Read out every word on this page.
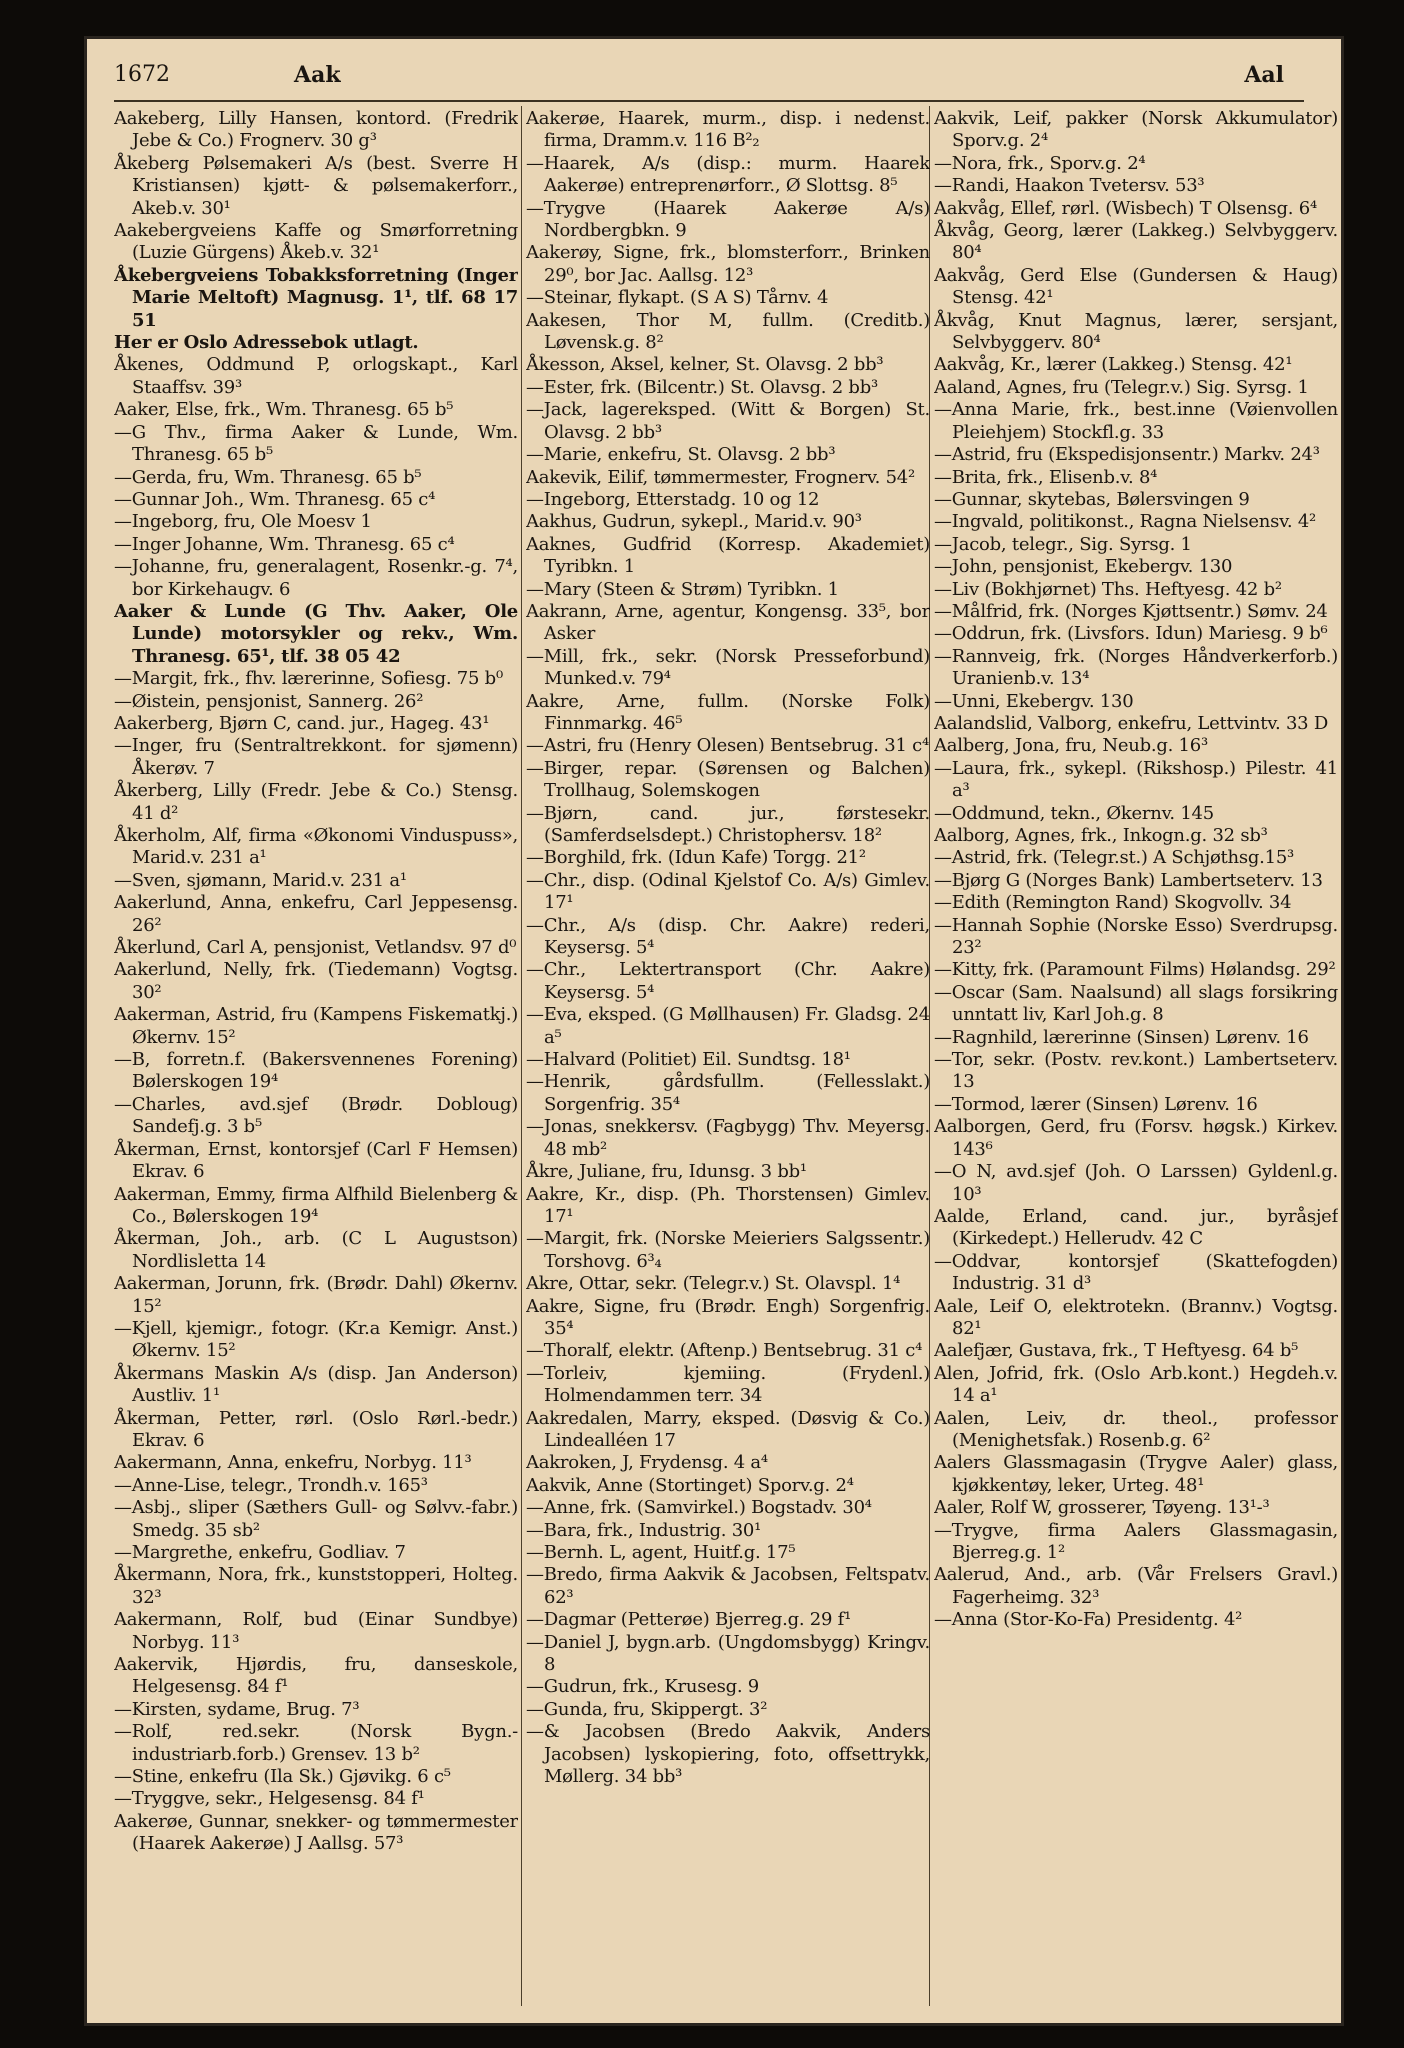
1672	Aak	Aal

Aakeberg, Lilly Hansen, kontord. (Fredrik Jebe & Co.) Frognerv. 30 g³

Åkeberg Pølsemakeri A/s (best. Sverre H Kristiansen) kjøtt- & pølsemakerforr., Akeb.v. 30¹

Aakebergveiens Kaffe og Smørforretning (Luzie Gürgens) Åkeb.v. 32¹

Åkebergveiens Tobakksforretning (Inger Marie Meltoft) Magnusg. 1¹, tlf. 68 17 51

Her er Oslo Adressebok utlagt.

Åkenes, Oddmund P, orlogskapt., Karl Staaffsv. 39³

Aaker, Else, frk., Wm. Thranesg. 65 b⁵

—G Thv., firma Aaker & Lunde, Wm. Thranesg. 65 b⁵

—Gerda, fru, Wm. Thranesg. 65 b⁵

—Gunnar Joh., Wm. Thranesg. 65 c⁴

—Ingeborg, fru, Ole Moesv 1

—Inger Johanne, Wm. Thranesg. 65 c⁴

—Johanne, fru, generalagent, Rosenkr.-g. 7⁴, bor Kirkehaugv. 6

Aaker & Lunde (G Thv. Aaker, Ole Lunde) motorsykler og rekv., Wm. Thranesg. 65¹, tlf. 38 05 42

—Margit, frk., fhv. lærerinne, Sofiesg. 75 b⁰

—Øistein, pensjonist, Sannerg. 26²

Aakerberg, Bjørn C, cand. jur., Hageg. 43¹

—Inger, fru (Sentraltrekkont. for sjømenn) Åkerøv. 7

Åkerberg, Lilly (Fredr. Jebe & Co.) Stensg. 41 d²

Åkerholm, Alf, firma «Økonomi Vinduspuss», Marid.v. 231 a¹

—Sven, sjømann, Marid.v. 231 a¹

Aakerlund, Anna, enkefru, Carl Jeppesensg. 26²

Åkerlund, Carl A, pensjonist, Vetlandsv. 97 d⁰

Aakerlund, Nelly, frk. (Tiedemann) Vogtsg. 30²

Aakerman, Astrid, fru (Kampens Fiskematkj.) Økernv. 15²

—B, forretn.f. (Bakersvennenes Forening) Bølerskogen 19⁴

—Charles, avd.sjef (Brødr. Dobloug) Sandefj.g. 3 b⁵

Åkerman, Ernst, kontorsjef (Carl F Hemsen) Ekrav. 6

Aakerman, Emmy, firma Alfhild Bielenberg & Co., Bølerskogen 19⁴

Åkerman, Joh., arb. (C L Augustson) Nordlisletta 14

Aakerman, Jorunn, frk. (Brødr. Dahl) Økernv. 15²

—Kjell, kjemigr., fotogr. (Kr.a Kemigr. Anst.) Økernv. 15²

Åkermans Maskin A/s (disp. Jan Anderson) Austliv. 1¹

Åkerman, Petter, rørl. (Oslo Rørl.-bedr.) Ekrav. 6

Aakermann, Anna, enkefru, Norbyg. 11³

—Anne-Lise, telegr., Trondh.v. 165³

—Asbj., sliper (Sæthers Gull- og Sølvv.-fabr.) Smedg. 35 sb²

—Margrethe, enkefru, Godliav. 7

Åkermann, Nora, frk., kunststopperi, Holteg. 32³

Aakermann, Rolf, bud (Einar Sundbye) Norbyg. 11³

Aakervik, Hjørdis, fru, danseskole, Helgesensg. 84 f¹

—Kirsten, sydame, Brug. 7³

—Rolf, red.sekr. (Norsk Bygn.-industriarb.forb.) Grensev. 13 b²

—Stine, enkefru (Ila Sk.) Gjøvikg. 6 c⁵

—Tryggve, sekr., Helgesensg. 84 f¹

Aakerøe, Gunnar, snekker- og tømmermester (Haarek Aakerøe) J Aallsg. 57³

Aakerøe, Haarek, murm., disp. i nedenst. firma, Dramm.v. 116 B²₂

—Haarek, A/s (disp.: murm. Haarek Aakerøe) entreprenørforr., Ø Slottsg. 8⁵

—Trygve (Haarek Aakerøe A/s) Nordbergbkn. 9

Aakerøy, Signe, frk., blomsterforr., Brinken 29⁰, bor Jac. Aallsg. 12³

—Steinar, flykapt. (S A S) Tårnv. 4

Aakesen, Thor M, fullm. (Creditb.) Løvensk.g. 8²

Åkesson, Aksel, kelner, St. Olavsg. 2 bb³

—Ester, frk. (Bilcentr.) St. Olavsg. 2 bb³

—Jack, lagereksped. (Witt & Borgen) St. Olavsg. 2 bb³

—Marie, enkefru, St. Olavsg. 2 bb³

Aakevik, Eilif, tømmermester, Frognerv. 54²

—Ingeborg, Etterstadg. 10 og 12

Aakhus, Gudrun, sykepl., Marid.v. 90³

Aaknes, Gudfrid (Korresp. Akademiet) Tyribkn. 1

—Mary (Steen & Strøm) Tyribkn. 1

Aakrann, Arne, agentur, Kongensg. 33⁵, bor Asker

—Mill, frk., sekr. (Norsk Presseforbund) Munked.v. 79⁴

Aakre, Arne, fullm. (Norske Folk) Finnmarkg. 46⁵

—Astri, fru (Henry Olesen) Bentsebrug. 31 c⁴

—Birger, repar. (Sørensen og Balchen) Trollhaug, Solemskogen

—Bjørn, cand. jur., førstesekr. (Samferdselsdept.) Christophersv. 18²

—Borghild, frk. (Idun Kafe) Torgg. 21²

—Chr., disp. (Odinal Kjelstof Co. A/s) Gimlev. 17¹

—Chr., A/s (disp. Chr. Aakre) rederi, Keysersg. 5⁴

—Chr., Lektertransport (Chr. Aakre) Keysersg. 5⁴

—Eva, eksped. (G Møllhausen) Fr. Gladsg. 24 a⁵

—Halvard (Politiet) Eil. Sundtsg. 18¹

—Henrik, gårdsfullm. (Fellesslakt.) Sorgenfrig. 35⁴

—Jonas, snekkersv. (Fagbygg) Thv. Meyersg. 48 mb²

Åkre, Juliane, fru, Idunsg. 3 bb¹

Aakre, Kr., disp. (Ph. Thorstensen) Gimlev. 17¹

—Margit, frk. (Norske Meieriers Salgssentr.) Torshovg. 6³₄

Akre, Ottar, sekr. (Telegr.v.) St. Olavspl. 1⁴

Aakre, Signe, fru (Brødr. Engh) Sorgenfrig. 35⁴

—Thoralf, elektr. (Aftenp.) Bentsebrug. 31 c⁴

—Torleiv, kjemiing. (Frydenl.) Holmendammen terr. 34

Aakredalen, Marry, eksped. (Døsvig & Co.) Lindealléen 17

Aakroken, J, Frydensg. 4 a⁴

Aakvik, Anne (Stortinget) Sporv.g. 2⁴

—Anne, frk. (Samvirkel.) Bogstadv. 30⁴

—Bara, frk., Industrig. 30¹

—Bernh. L, agent, Huitf.g. 17⁵

—Bredo, firma Aakvik & Jacobsen, Feltspatv. 62³

—Dagmar (Petterøe) Bjerreg.g. 29 f¹

—Daniel J, bygn.arb. (Ungdomsbygg) Kringv. 8

—Gudrun, frk., Krusesg. 9

—Gunda, fru, Skippergt. 3²

—& Jacobsen (Bredo Aakvik, Anders Jacobsen) lyskopiering, foto, offsettrykk, Møllerg. 34 bb³

Aakvik, Leif, pakker (Norsk Akkumulator) Sporv.g. 2⁴

—Nora, frk., Sporv.g. 2⁴

—Randi, Haakon Tvetersv. 53³

Aakvåg, Ellef, rørl. (Wisbech) T Olsensg. 6⁴

Åkvåg, Georg, lærer (Lakkeg.) Selvbyggerv. 80⁴

Aakvåg, Gerd Else (Gundersen & Haug) Stensg. 42¹

Åkvåg, Knut Magnus, lærer, sersjant, Selvbyggerv. 80⁴

Aakvåg, Kr., lærer (Lakkeg.) Stensg. 42¹

Aaland, Agnes, fru (Telegr.v.) Sig. Syrsg. 1

—Anna Marie, frk., best.inne (Vøienvollen Pleiehjem) Stockfl.g. 33

—Astrid, fru (Ekspedisjonsentr.) Markv. 24³

—Brita, frk., Elisenb.v. 8⁴

—Gunnar, skytebas, Bølersvingen 9

—Ingvald, politikonst., Ragna Nielsensv. 4²

—Jacob, telegr., Sig. Syrsg. 1

—John, pensjonist, Ekebergv. 130

—Liv (Bokhjørnet) Ths. Heftyesg. 42 b²

—Målfrid, frk. (Norges Kjøttsentr.) Sømv. 24

—Oddrun, frk. (Livsfors. Idun) Mariesg. 9 b⁶

—Rannveig, frk. (Norges Håndverkerforb.) Uranienb.v. 13⁴

—Unni, Ekebergv. 130

Aalandslid, Valborg, enkefru, Lettvintv. 33 D

Aalberg, Jona, fru, Neub.g. 16³

—Laura, frk., sykepl. (Rikshosp.) Pilestr. 41 a³

—Oddmund, tekn., Økernv. 145

Aalborg, Agnes, frk., Inkogn.g. 32 sb³

—Astrid, frk. (Telegr.st.) A Schjøthsg.15³

—Bjørg G (Norges Bank) Lambertseterv. 13

—Edith (Remington Rand) Skogvollv. 34

—Hannah Sophie (Norske Esso) Sverdrupsg. 23²

—Kitty, frk. (Paramount Films) Hølandsg. 29²

—Oscar (Sam. Naalsund) all slags forsikring unntatt liv, Karl Joh.g. 8

—Ragnhild, lærerinne (Sinsen) Lørenv. 16

—Tor, sekr. (Postv. rev.kont.) Lambertseterv. 13

—Tormod, lærer (Sinsen) Lørenv. 16

Aalborgen, Gerd, fru (Forsv. høgsk.) Kirkev. 143⁶

—O N, avd.sjef (Joh. O Larssen) Gyldenl.g. 10³

Aalde, Erland, cand. jur., byråsjef (Kirkedept.) Hellerudv. 42 C

—Oddvar, kontorsjef (Skattefogden) Industrig. 31 d³

Aale, Leif O, elektrotekn. (Brannv.) Vogtsg. 82¹

Aalefjær, Gustava, frk., T Heftyesg. 64 b⁵

Alen, Jofrid, frk. (Oslo Arb.kont.) Hegdeh.v. 14 a¹

Aalen, Leiv, dr. theol., professor (Menighetsfak.) Rosenb.g. 6²

Aalers Glassmagasin (Trygve Aaler) glass, kjøkkentøy, leker, Urteg. 48¹

Aaler, Rolf W, grosserer, Tøyeng. 13¹-³

—Trygve, firma Aalers Glassmagasin, Bjerreg.g. 1²

Aalerud, And., arb. (Vår Frelsers Gravl.) Fagerheimg. 32³

—Anna (Stor-Ko-Fa) Presidentg. 4²
